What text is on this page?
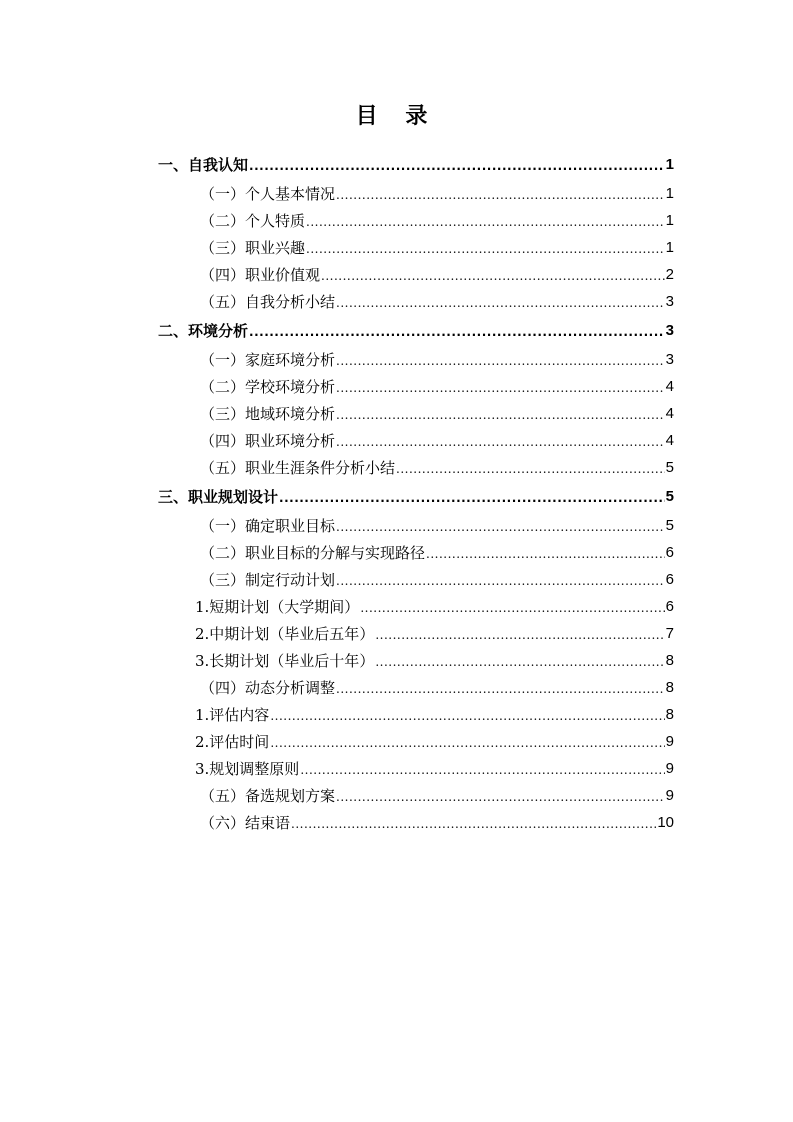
目 录
一、自我认知 .....	1
（一）个人基本情况 .....	1
（二）个人特质 .....	1
（三）职业兴趣 .....	1
（四）职业价值观 .....	2
（五）自我分析小结 .....	3
二、环境分析 .....	3
（一）家庭环境分析 .....	3
（二）学校环境分析 .....	4
（三）地域环境分析 .....	4
（四）职业环境分析 .....	4
（五）职业生涯条件分析小结 .....	5
三、职业规划设计 .....	5
（一）确定职业目标 .....	5
（二）职业目标的分解与实现路径 .....	6
（三）制定行动计划 .....	6
1.短期计划（大学期间） .....	6
2.中期计划（毕业后五年） .....	7
3.长期计划（毕业后十年） .....	8
（四）动态分析调整 .....	8
1.评估内容 .....	8
2.评估时间 .....	9
3.规划调整原则 .....	9
（五）备选规划方案 .....	9
（六）结束语 .....	10
